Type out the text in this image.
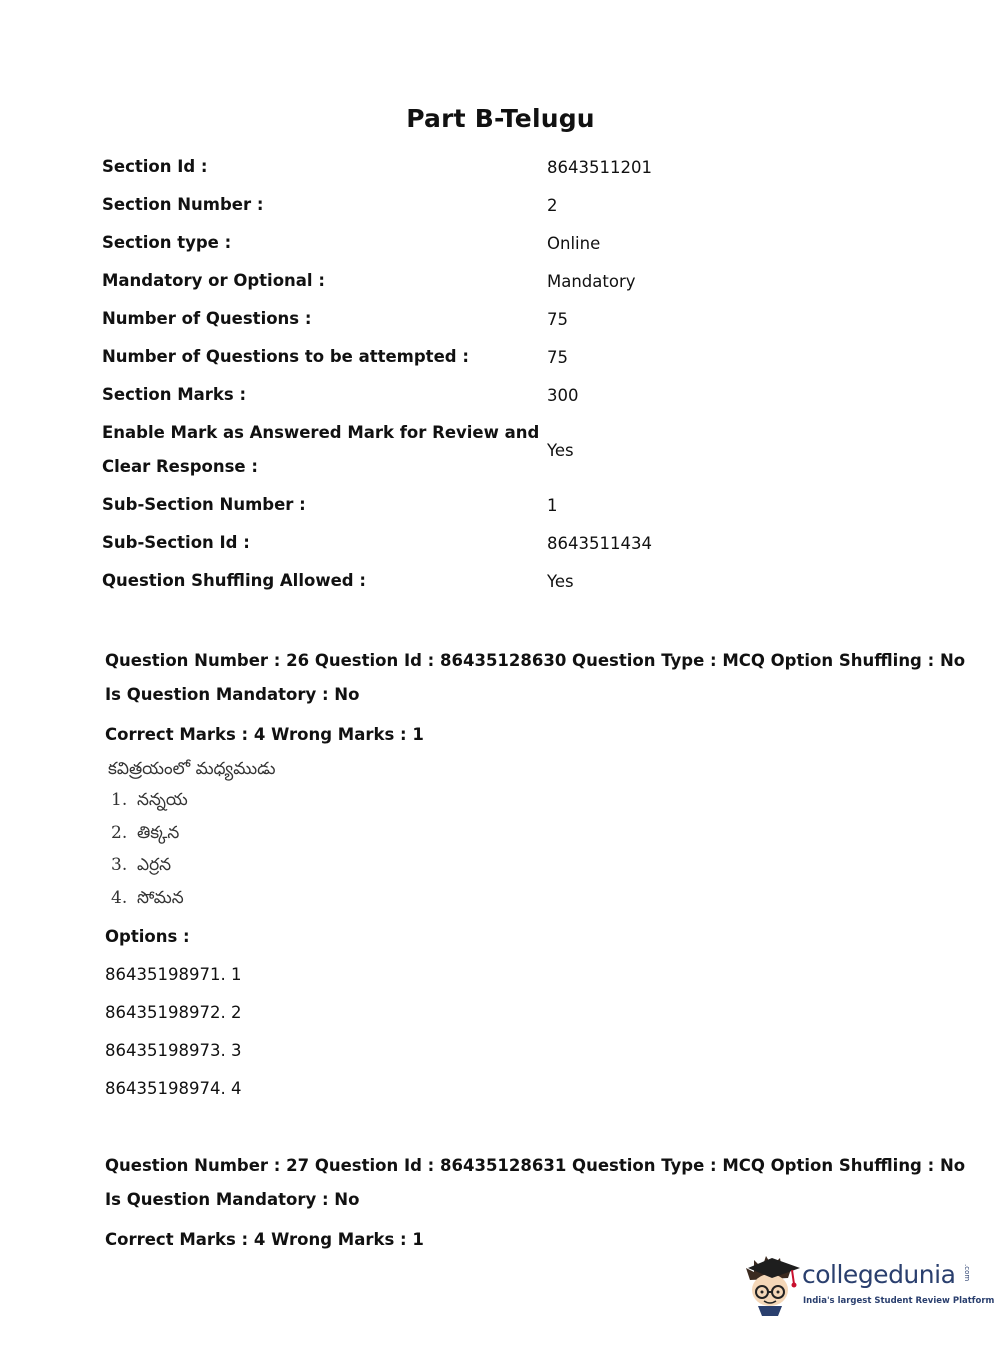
Part B-Telugu
Section Id :	8643511201
Section Number :	2
Section type :	Online
Mandatory or Optional :	Mandatory
Number of Questions :	75
Number of Questions to be attempted :	75
Section Marks :	300
Enable Mark as Answered Mark for Review and Clear Response :
Yes
Sub-Section Number :	1
Sub-Section Id :	8643511434
Question Shuffling Allowed :	Yes
Question Number : 26 Question Id : 86435128630 Question Type : MCQ Option Shuffling : No
Is Question Mandatory : No
Correct Marks : 4 Wrong Marks : 1
కవిత్రయంలో మధ్యముడు
1. నన్నయ
2. తిక్కన
3. ఎర్రన
4. సోమన
Options :
86435198971. 1
86435198972. 2
86435198973. 3
86435198974. 4
Question Number : 27 Question Id : 86435128631 Question Type : MCQ Option Shuffling : No
Is Question Mandatory : No
Correct Marks : 4 Wrong Marks : 1
collegedunia .com
India's largest Student Review Platform
